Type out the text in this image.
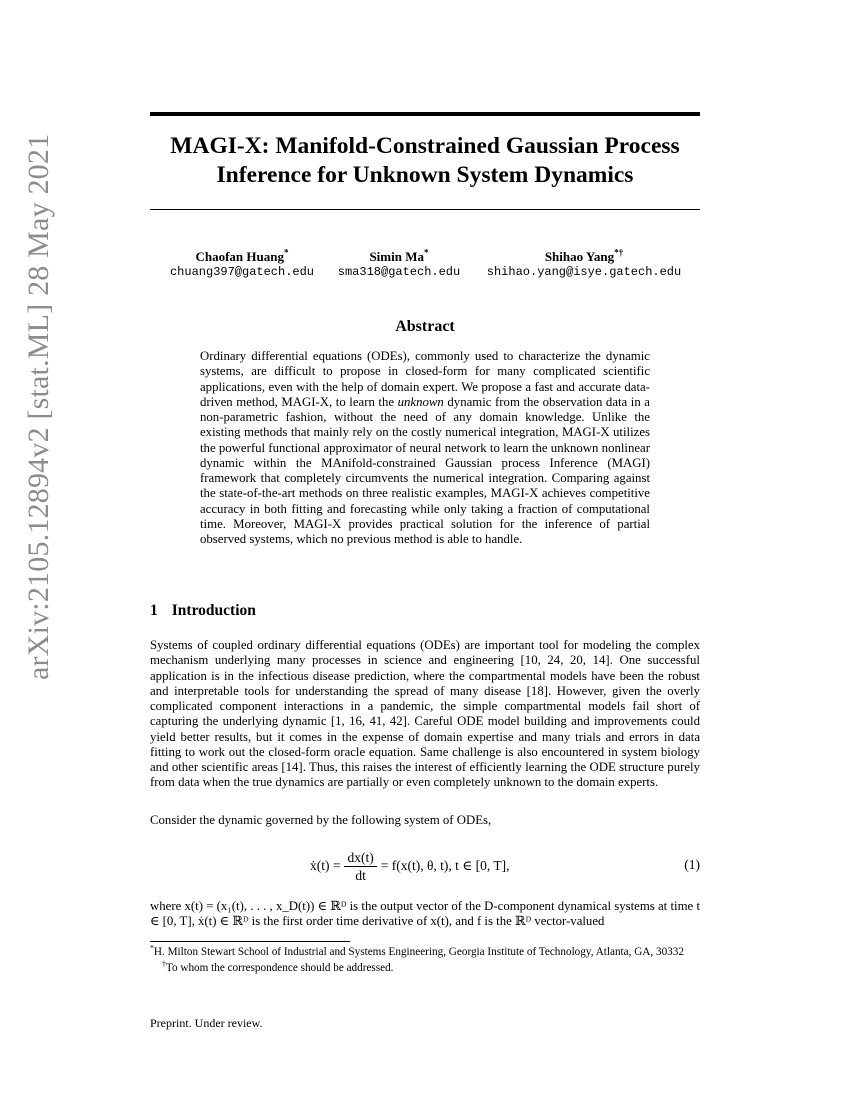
arXiv:2105.12894v2 [stat.ML] 28 May 2021	MAGI-X: Manifold-Constrained Gaussian Process Inference for Unknown System Dynamics
Chaofan Huang*
chuang397@gatech.edu
Simin Ma*
sma318@gatech.edu
Shihao Yang*†
shihao.yang@isye.gatech.edu
Abstract

Ordinary differential equations (ODEs), commonly used to characterize the dynamic systems, are difficult to propose in closed-form for many complicated scientific applications, even with the help of domain expert. We propose a fast and accurate data-driven method, MAGI-X, to learn the unknown dynamic from the observation data in a non-parametric fashion, without the need of any domain knowledge. Unlike the existing methods that mainly rely on the costly numerical integration, MAGI-X utilizes the powerful functional approximator of neural network to learn the unknown nonlinear dynamic within the MAnifold-constrained Gaussian process Inference (MAGI) framework that completely circumvents the numerical integration. Comparing against the state-of-the-art methods on three realistic examples, MAGI-X achieves competitive accuracy in both fitting and forecasting while only taking a fraction of computational time. Moreover, MAGI-X provides practical solution for the inference of partial observed systems, which no previous method is able to handle.

1 Introduction

Systems of coupled ordinary differential equations (ODEs) are important tool for modeling the complex mechanism underlying many processes in science and engineering [10, 24, 20, 14]. One successful application is in the infectious disease prediction, where the compartmental models have been the robust and interpretable tools for understanding the spread of many disease [18]. However, given the overly complicated component interactions in a pandemic, the simple compartmental models fail short of capturing the underlying dynamic [1, 16, 41, 42]. Careful ODE model building and improvements could yield better results, but it comes in the expense of domain expertise and many trials and errors in data fitting to work out the closed-form oracle equation. Same challenge is also encountered in system biology and other scientific areas [14]. Thus, this raises the interest of efficiently learning the ODE structure purely from data when the true dynamics are partially or even completely unknown to the domain experts.

Consider the dynamic governed by the following system of ODEs,

ẋ(t) = $\frac{dx(t)}{dt} = f(x(t)$, θ, t), t ∈ [0, T],	(1)

where x(t) = (x₁(t), . . . , x_D(t)) ∈ ℝᴰ is the output vector of the D-component dynamical systems at time t ∈ [0, T], ẋ(t) ∈ ℝᴰ is the first order time derivative of x(t), and f is the ℝᴰ vector-valued

*H. Milton Stewart School of Industrial and Systems Engineering, Georgia Institute of Technology, Atlanta, GA, 30332

†To whom the correspondence should be addressed.

Preprint. Under review.
